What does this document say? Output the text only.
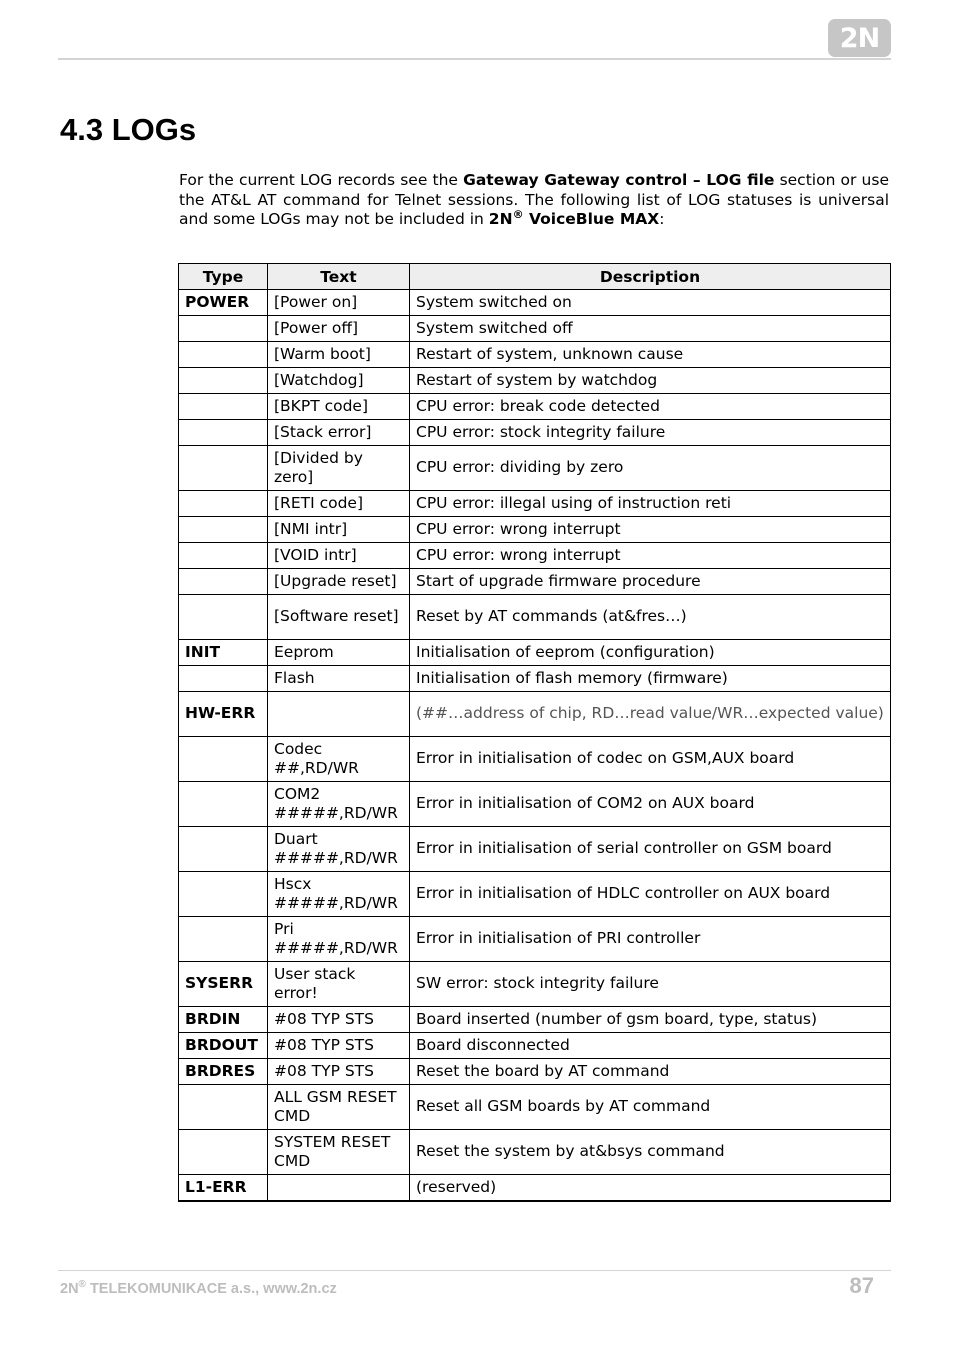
2N
4.3 LOGs

For the current LOG records see the Gateway Gateway control – LOG file section or use the AT&L AT command for Telnet sessions. The following list of LOG statuses is universal and some LOGs may not be included in 2N® VoiceBlue MAX:

Type	Text	Description
POWER	[Power on]	System switched on
	[Power off]	System switched off
	[Warm boot]	Restart of system, unknown cause
	[Watchdog]	Restart of system by watchdog
	[BKPT code]	CPU error: break code detected
	[Stack error]	CPU error: stock integrity failure
	[Divided by zero]	CPU error: dividing by zero
	[RETI code]	CPU error: illegal using of instruction reti
	[NMI intr]	CPU error: wrong interrupt
	[VOID intr]	CPU error: wrong interrupt
	[Upgrade reset]	Start of upgrade firmware procedure
	[Software reset]	Reset by AT commands (at&fres…)
INIT	Eeprom	Initialisation of eeprom (configuration)
	Flash	Initialisation of flash memory (firmware)
HW-ERR		(##…address of chip, RD…read value/WR…expected value)
	Codec ##,RD/WR	Error in initialisation of codec on GSM,AUX board
	COM2 #####,RD/WR	Error in initialisation of COM2 on AUX board
	Duart #####,RD/WR	Error in initialisation of serial controller on GSM board
	Hscx #####,RD/WR	Error in initialisation of HDLC controller on AUX board
	Pri #####,RD/WR	Error in initialisation of PRI controller
SYSERR	User stack error!	SW error: stock integrity failure
BRDIN	#08 TYP STS	Board inserted (number of gsm board, type, status)
BRDOUT	#08 TYP STS	Board disconnected
BRDRES	#08 TYP STS	Reset the board by AT command
	ALL GSM RESET CMD	Reset all GSM boards by AT command
	SYSTEM RESET CMD	Reset the system by at&bsys command
L1-ERR		(reserved)
2N® TELEKOMUNIKACE a.s., www.2n.cz	87
